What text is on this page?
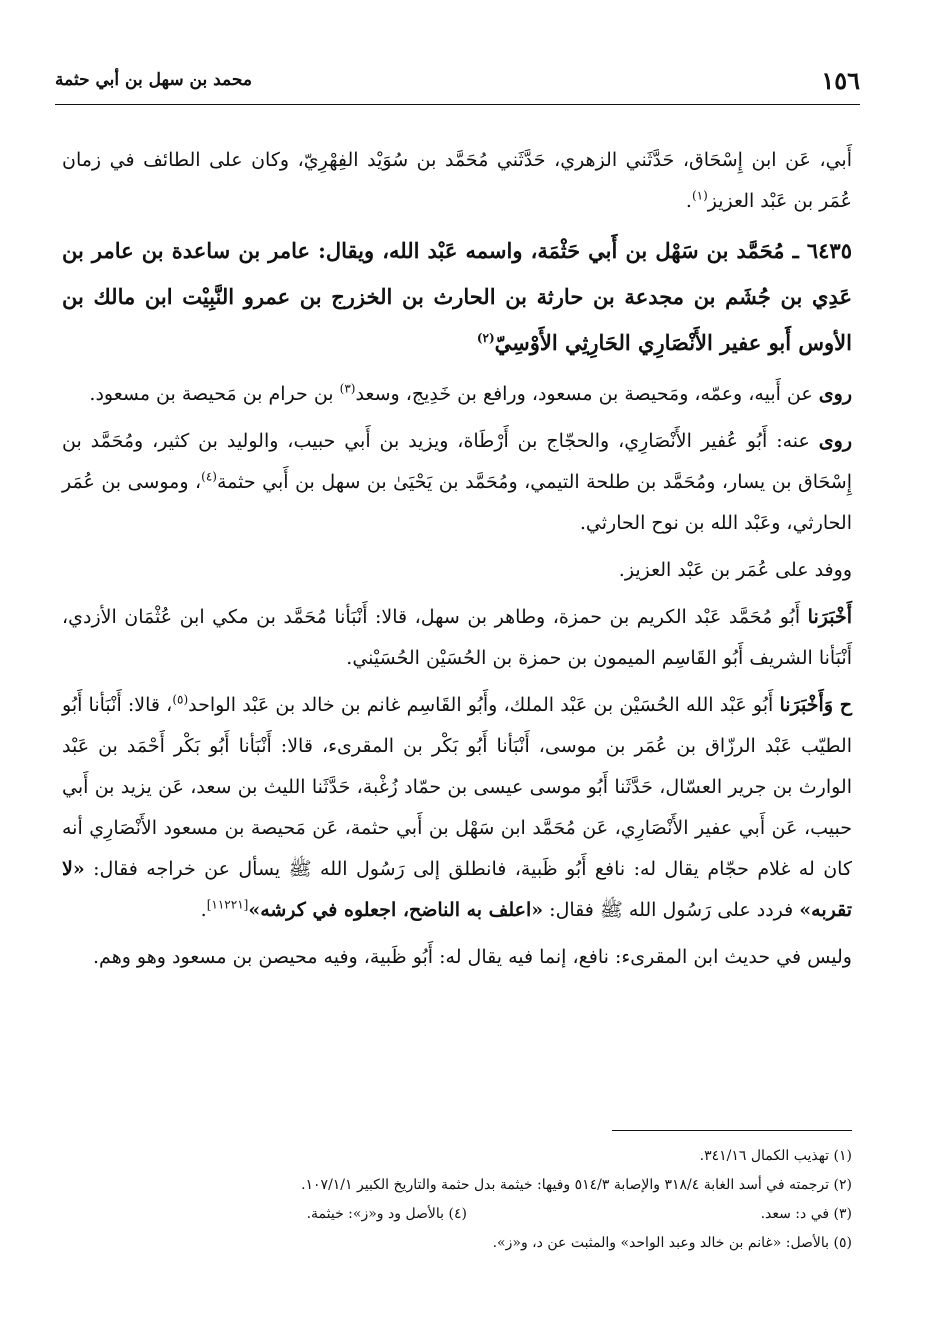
١٥٦
محمد بن سهل بن أبي حثمة

أَبي، عَن ابن إِسْحَاق، حَدَّثَني الزهري، حَدَّثَني مُحَمَّد بن سُوَيْد الفِهْرِيّ، وكان على الطائف في زمان عُمَر بن عَبْد العزيز$^{(١)}$.

٦٤٣٥ ـ مُحَمَّد بن سَهْل بن أَبي حَثْمَة، واسمه عَبْد الله، ويقال: عامر بن ساعدة بن عامر بن عَدِي بن جُشَم بن مجدعة بن حارثة بن الحارث بن الخزرج بن عمرو النَّبِيْت ابن مالك بن الأوس أَبو عفير الأَنْصَارِي الحَارِثِي الأَوْسِيّ$^{(٢)}$

روى عن أَبيه، وعمّه، ومَحيصة بن مسعود، ورافع بن خَدِيج، وسعد$^{(٣)}$ بن حرام بن مَحيصة بن مسعود.

روى عنه: أَبُو عُفير الأَنْصَارِي، والحجّاج بن أَرْطَاة، ويزيد بن أَبي حبيب، والوليد بن كثير، ومُحَمَّد بن إِسْحَاق بن يسار، ومُحَمَّد بن طلحة التيمي، ومُحَمَّد بن يَحْيَىٰ بن سهل بن أَبي حثمة$^{(٤)}$، وموسى بن عُمَر الحارثي، وعَبْد الله بن نوح الحارثي.

ووفد على عُمَر بن عَبْد العزيز.

أَخْبَرَنا أَبُو مُحَمَّد عَبْد الكريم بن حمزة، وطاهر بن سهل، قالا: أَنْبَأنا مُحَمَّد بن مكي ابن عُثْمَان الأزدي، أَنْبَأنا الشريف أَبُو القَاسِم الميمون بن حمزة بن الحُسَيْن الحُسَيْني.

ح وَأَخْبَرَنا أَبُو عَبْد الله الحُسَيْن بن عَبْد الملك، وأَبُو القَاسِم غانم بن خالد بن عَبْد الواحد$^{(٥)}$، قالا: أَنْبَأنا أَبُو الطيّب عَبْد الرزّاق بن عُمَر بن موسى، أَنْبَأنا أَبُو بَكْر بن المقرىء، قالا: أَنْبَأنا أَبُو بَكْر أَحْمَد بن عَبْد الوارث بن جرير العسّال، حَدَّثَنا أَبُو موسى عيسى بن حمّاد زُغْبة، حَدَّثَنا الليث بن سعد، عَن يزيد بن أَبي حبيب، عَن أَبي عفير الأَنْصَارِي، عَن مُحَمَّد ابن سَهْل بن أَبي حثمة، عَن مَحيصة بن مسعود الأَنْصَارِي أنه كان له غلام حجّام يقال له: نافع أَبُو ظَبية، فانطلق إلى رَسُول الله ﷺ يسأل عن خراجه فقال: «لا تقربه» فردد على رَسُول الله ﷺ فقال: «اعلف به الناضح، اجعلوه في كرشه»[١١٢٢١].

وليس في حديث ابن المقرىء: نافع، إنما فيه يقال له: أَبُو ظَبية، وفيه محيصن بن مسعود وهو وهم.

(١) تهذيب الكمال ٣٤١/١٦.
(٢) ترجمته في أسد الغابة ٣١٨/٤ والإصابة ٥١٤/٣ وفيها: خيثمة بدل حثمة والتاريخ الكبير ١٠٧/١/١.
(٣) في د: سعد.
(٤) بالأصل ود و«ز»: خيثمة.
(٥) بالأصل: «غانم بن خالد وعبد الواحد» والمثبت عن د، و«ز».
